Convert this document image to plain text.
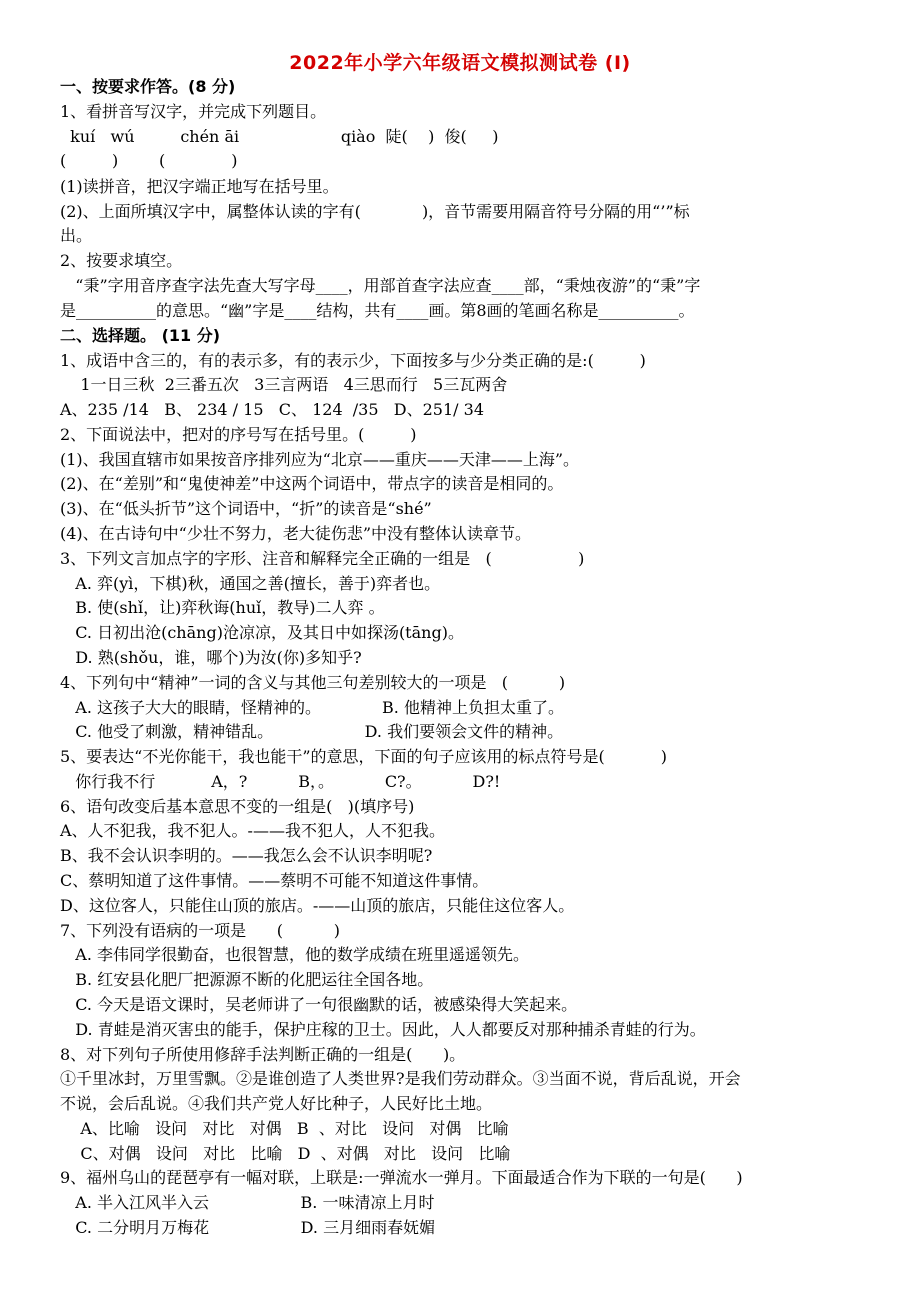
2022年小学六年级语文模拟测试卷 (I)
一、按要求作答。(8 分)
1、看拼音写汉字，并完成下列题目。
kuí   wú         chén āi                    qiào  陡(    )  俊(     )
(         )        (             )
(1)读拼音，把汉字端正地写在括号里。
(2)、上面所填汉字中，属整体认读的字有(            )，音节需要用隔音符号分隔的用“’”标
出。
2、按要求填空。
“秉”字用音序查字法先查大写字母____，用部首查字法应查____部，“秉烛夜游”的“秉”字
是__________的意思。“幽”字是____结构，共有____画。第8画的笔画名称是__________。
二、选择题。 (11 分)
1、成语中含三的，有的表示多，有的表示少，下面按多与少分类正确的是:(         )
1一日三秋  2三番五次   3三言两语   4三思而行   5三瓦两舍
A、235 /14   B、 234 / 15   C、 124  /35   D、251/ 34
2、下面说法中，把对的序号写在括号里。(         )
(1)、我国直辖市如果按音序排列应为“北京——重庆——天津——上海”。
(2)、在“差别”和“鬼使神差”中这两个词语中，带点字的读音是相同的。
(3)、在“低头折节”这个词语中，“折”的读音是“shé”
(4)、在古诗句中“少壮不努力，老大徒伤悲”中没有整体认读章节。
3、下列文言加点字的字形、注音和解释完全正确的一组是   (                 )
A. 弈(yì，下棋)秋，通国之善(擅长，善于)弈者也。
B. 使(shǐ，让)弈秋诲(huǐ，教导)二人弈 。
C. 日初出沧(chāng)沧凉凉，及其日中如探汤(tāng)。
D. 熟(shǒu，谁，哪个)为汝(你)多知乎?
4、下列句中“精神”一词的含义与其他三句差别较大的一项是   (          )
A. 这孩子大大的眼睛，怪精神的。            B. 他精神上负担太重了。
C. 他受了刺激，精神错乱。                  D. 我们要领会文件的精神。
5、要表达“不光你能干，我也能干”的意思，下面的句子应该用的标点符号是(           )
你行我不行           A，?          B，。          C?。          D?!
6、语句改变后基本意思不变的一组是(   )(填序号)
A、人不犯我，我不犯人。-——我不犯人，人不犯我。
B、我不会认识李明的。——我怎么会不认识李明呢?
C、蔡明知道了这件事情。——蔡明不可能不知道这件事情。
D、这位客人，只能住山顶的旅店。-——山顶的旅店，只能住这位客人。
7、下列没有语病的一项是      (          )
A. 李伟同学很勤奋，也很智慧，他的数学成绩在班里遥遥领先。
B. 红安县化肥厂把源源不断的化肥运往全国各地。
C. 今天是语文课时，吴老师讲了一句很幽默的话，被感染得大笑起来。
D. 青蛙是消灭害虫的能手，保护庄稼的卫士。因此，人人都要反对那种捕杀青蛙的行为。
8、对下列句子所使用修辞手法判断正确的一组是(      )。
①千里冰封，万里雪飘。②是谁创造了人类世界?是我们劳动群众。③当面不说，背后乱说，开会
不说，会后乱说。④我们共产党人好比种子，人民好比土地。
A、比喻   设问   对比   对偶   B  、对比   设问   对偶   比喻
C、对偶   设问   对比   比喻   D  、对偶   对比   设问   比喻
9、福州乌山的琵琶亭有一幅对联，上联是:一弹流水一弹月。下面最适合作为下联的一句是(      )
A. 半入江风半入云                  B. 一味清凉上月时
C. 二分明月万梅花                  D. 三月细雨春妩媚
